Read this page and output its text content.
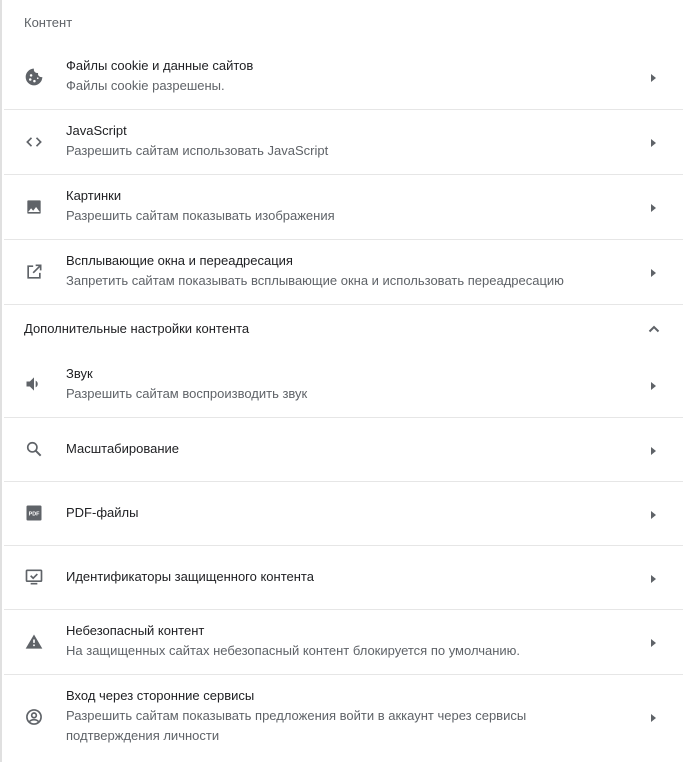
Контент
Файлы cookie и данные сайтов
Файлы cookie разрешены.
JavaScript
Разрешить сайтам использовать JavaScript
Картинки
Разрешить сайтам показывать изображения
Всплывающие окна и переадресация
Запретить сайтам показывать всплывающие окна и использовать переадресацию
Дополнительные настройки контента
Звук
Разрешить сайтам воспроизводить звук
Масштабирование
PDF PDF-файлы
Идентификаторы защищенного контента
Небезопасный контент
На защищенных сайтах небезопасный контент блокируется по умолчанию.
Вход через сторонние сервисы
Разрешить сайтам показывать предложения войти в аккаунт через сервисы
подтверждения личности
